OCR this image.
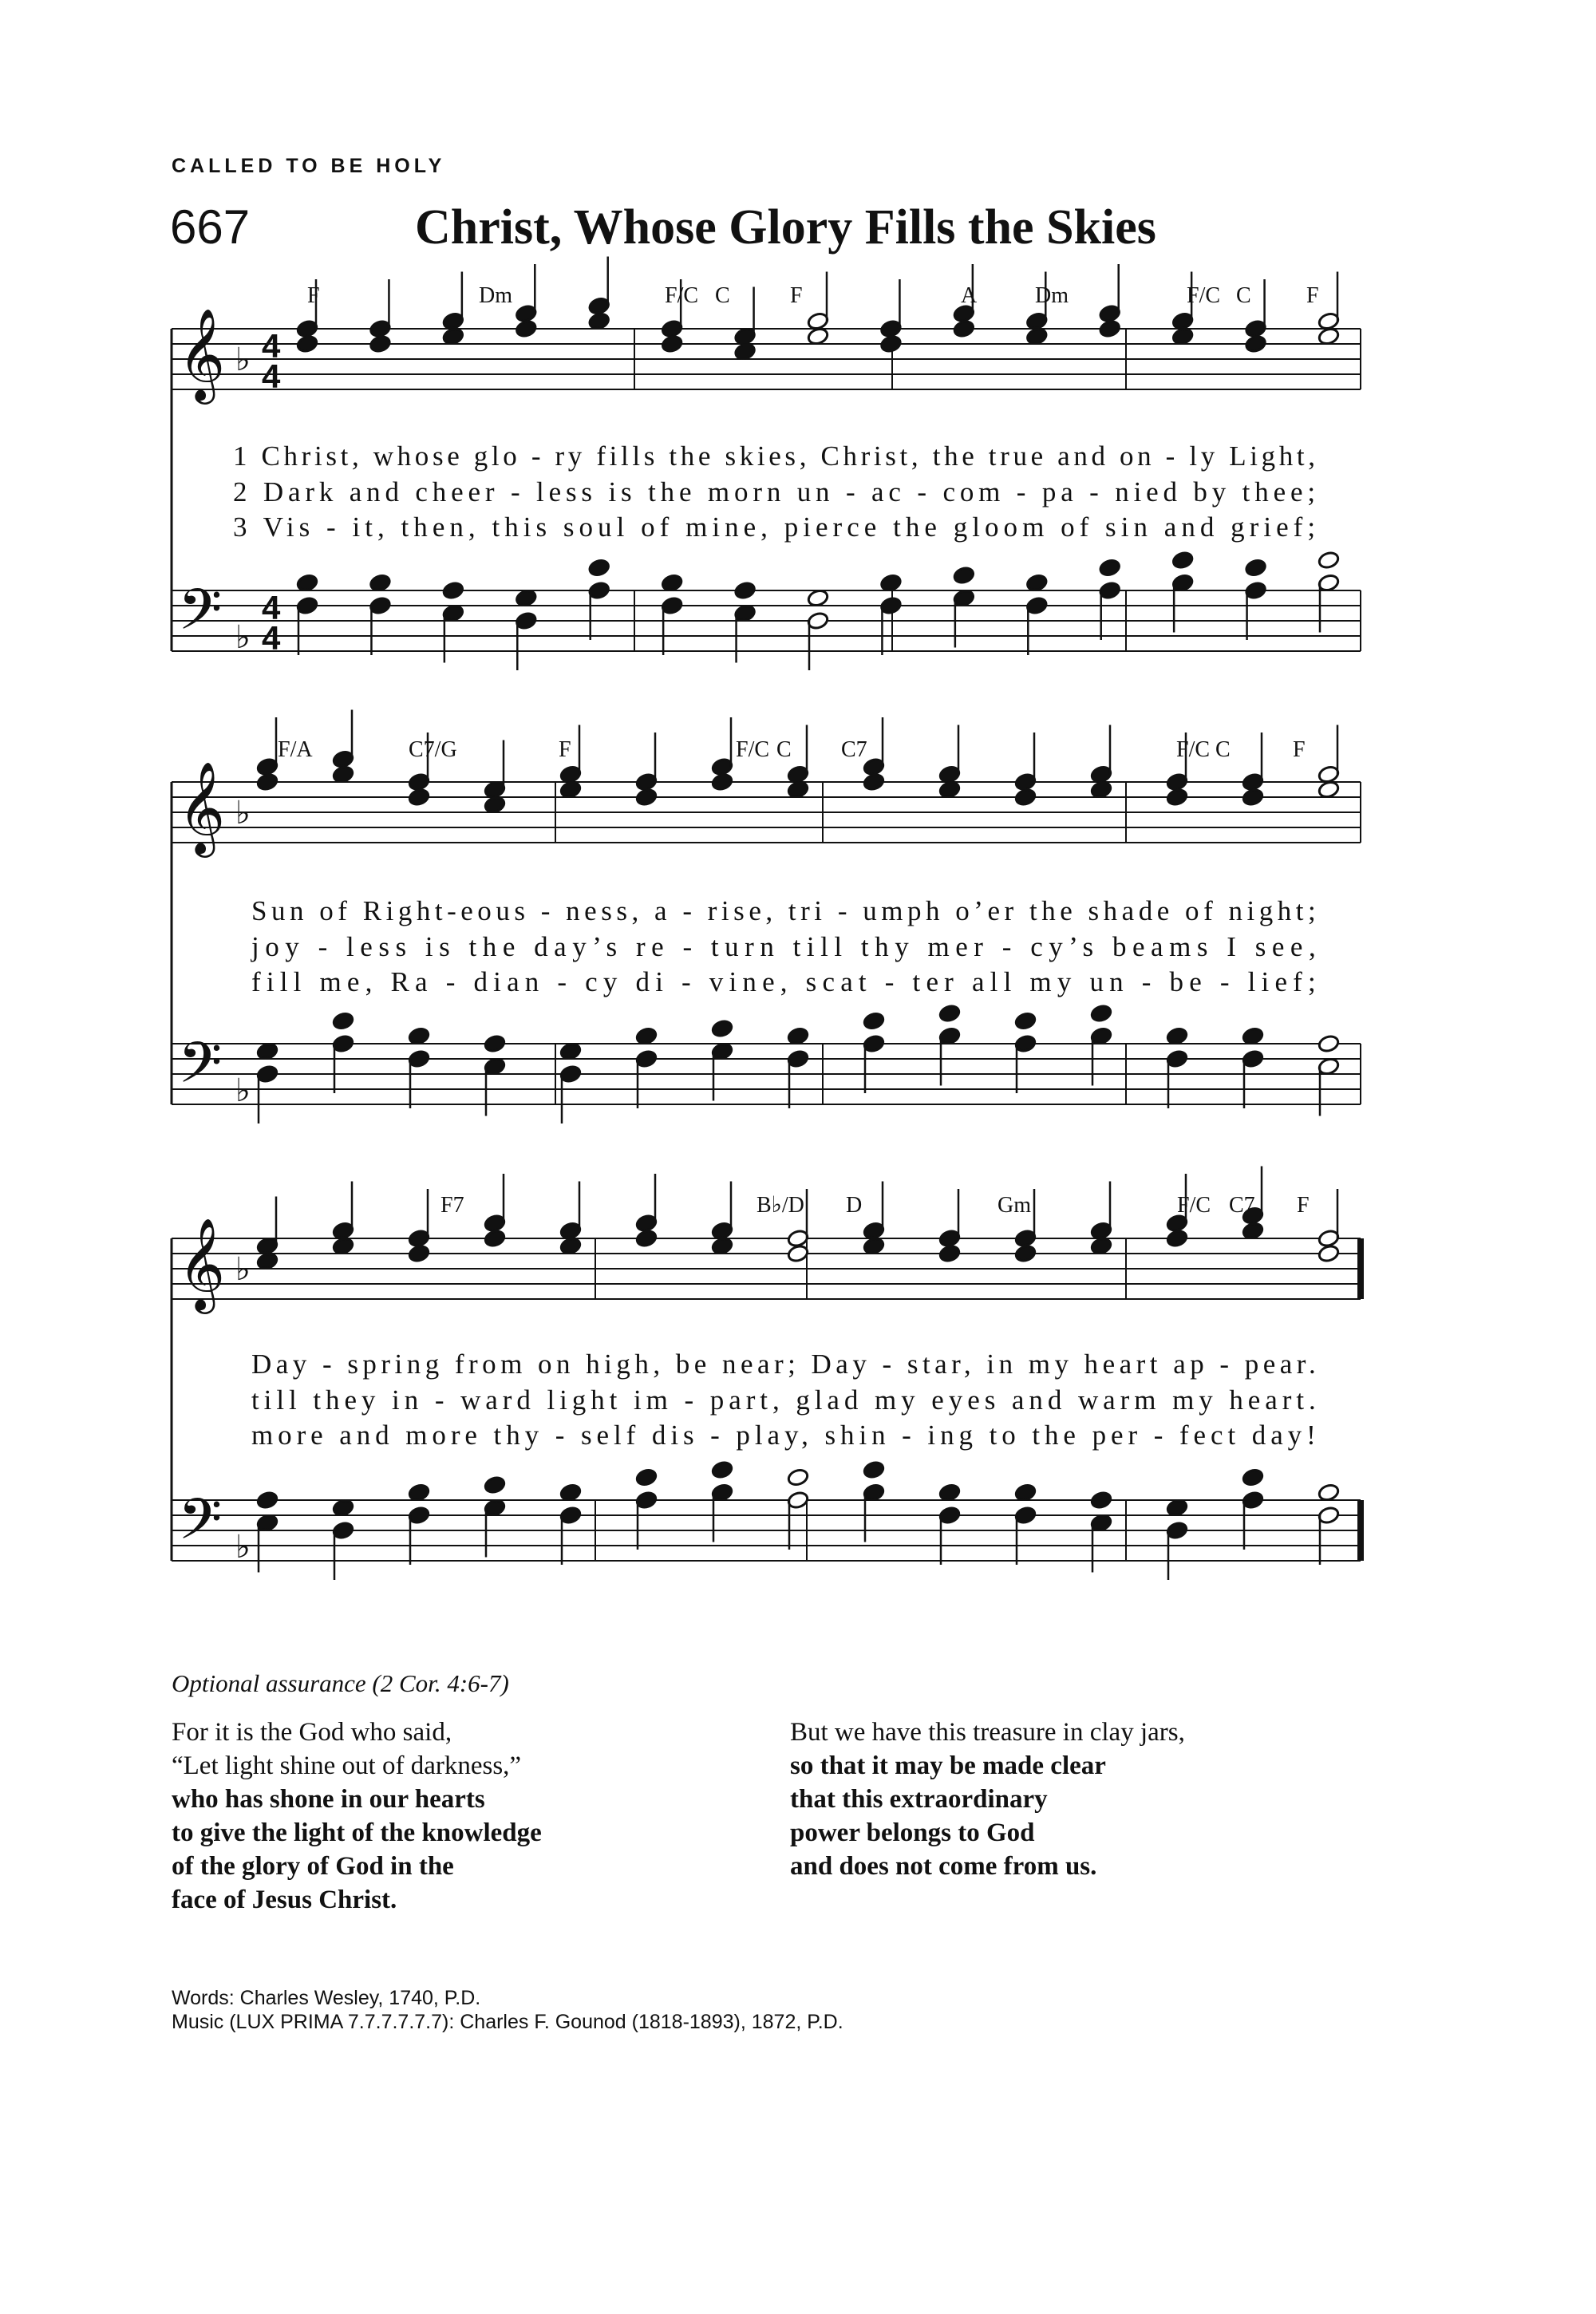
CALLED TO BE HOLY
667	Christ, Whose Glory Fills the Skies
𝄞
𝄢
♭
♭
4
4
4
4
F	Dm	F/C C	F	A	Dm	F/C C F
1 Christ, whose glo - ry fills the skies, Christ, the true and on - ly Light,
2 Dark and cheer - less is the morn un - ac - com - pa - nied by thee;
3 Vis - it, then, this soul of mine, pierce the gloom of sin and grief;
𝄞
𝄢
♭
♭
F/A	C7/G	F	F/C C C7	F/C C	F
Sun of Right-eous - ness, a - rise, tri - umph o’er the shade of night;
joy - less is the day’s re - turn till thy mer - cy’s beams I see,
fill me, Ra - dian - cy di - vine, scat - ter all my un - be - lief;
𝄞
𝄢
♭
♭
F7	B♭/D D	Gm	F/C C7 F
Day - spring from on high, be near; Day - star, in my heart ap - pear.
till they in - ward light im - part, glad my eyes and warm my heart.
more and more thy - self dis - play, shin - ing to the per - fect day!
Optional assurance (2 Cor. 4:6-7)
For it is the God who said,
“Let light shine out of darkness,”
who has shone in our hearts
to give the light of the knowledge
of the glory of God in the
face of Jesus Christ.
But we have this treasure in clay jars,
so that it may be made clear
that this extraordinary
power belongs to God
and does not come from us.
Words: Charles Wesley, 1740, P.D.
Music (LUX PRIMA 7.7.7.7.7.7): Charles F. Gounod (1818-1893), 1872, P.D.
